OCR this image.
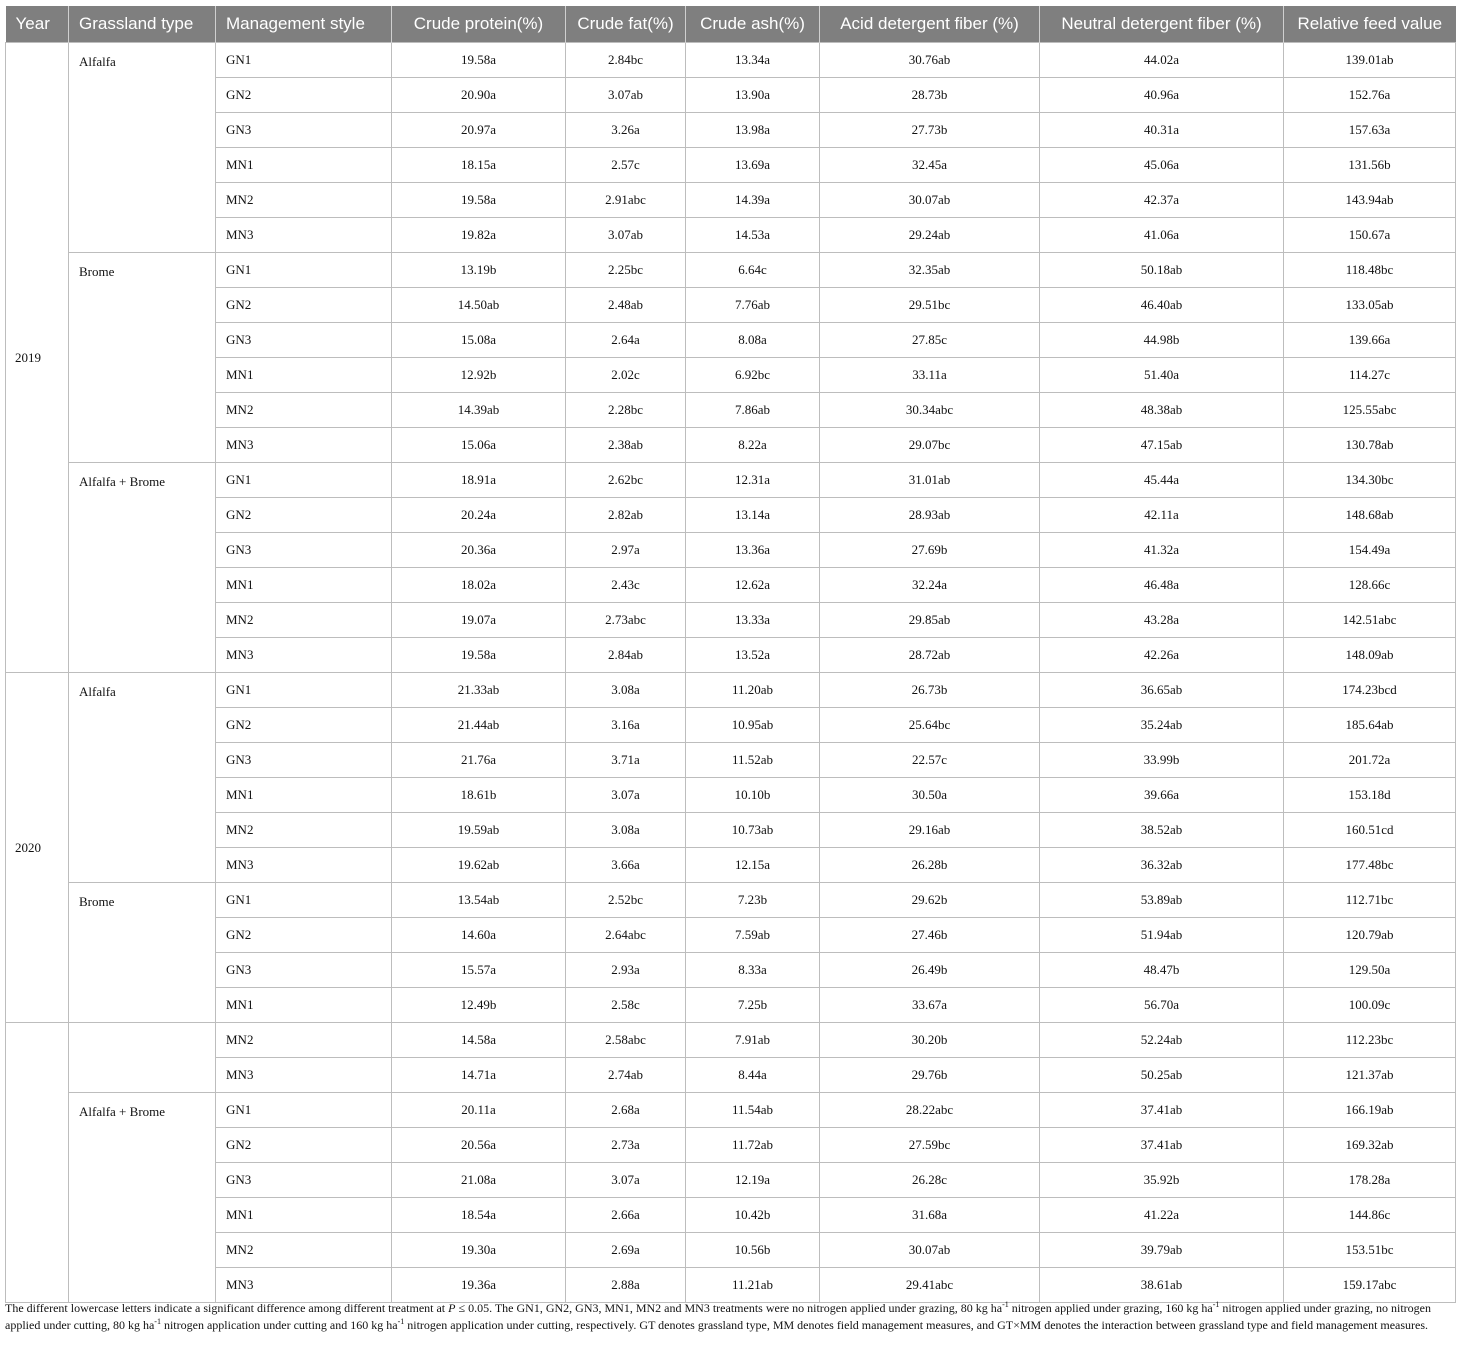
Year	Grassland type	Management style	Crude protein(%)	Crude fat(%)	Crude ash(%)	Acid detergent fiber (%)	Neutral detergent fiber (%)	Relative feed value
2019	Alfalfa	GN1	19.58a	2.84bc	13.34a	30.76ab	44.02a	139.01ab
		GN2	20.90a	3.07ab	13.90a	28.73b	40.96a	152.76a
		GN3	20.97a	3.26a	13.98a	27.73b	40.31a	157.63a
		MN1	18.15a	2.57c	13.69a	32.45a	45.06a	131.56b
		MN2	19.58a	2.91abc	14.39a	30.07ab	42.37a	143.94ab
		MN3	19.82a	3.07ab	14.53a	29.24ab	41.06a	150.67a
	Brome	GN1	13.19b	2.25bc	6.64c	32.35ab	50.18ab	118.48bc
		GN2	14.50ab	2.48ab	7.76ab	29.51bc	46.40ab	133.05ab
		GN3	15.08a	2.64a	8.08a	27.85c	44.98b	139.66a
		MN1	12.92b	2.02c	6.92bc	33.11a	51.40a	114.27c
		MN2	14.39ab	2.28bc	7.86ab	30.34abc	48.38ab	125.55abc
		MN3	15.06a	2.38ab	8.22a	29.07bc	47.15ab	130.78ab
	Alfalfa + Brome	GN1	18.91a	2.62bc	12.31a	31.01ab	45.44a	134.30bc
		GN2	20.24a	2.82ab	13.14a	28.93ab	42.11a	148.68ab
		GN3	20.36a	2.97a	13.36a	27.69b	41.32a	154.49a
		MN1	18.02a	2.43c	12.62a	32.24a	46.48a	128.66c
		MN2	19.07a	2.73abc	13.33a	29.85ab	43.28a	142.51abc
		MN3	19.58a	2.84ab	13.52a	28.72ab	42.26a	148.09ab
2020	Alfalfa	GN1	21.33ab	3.08a	11.20ab	26.73b	36.65ab	174.23bcd
		GN2	21.44ab	3.16a	10.95ab	25.64bc	35.24ab	185.64ab
		GN3	21.76a	3.71a	11.52ab	22.57c	33.99b	201.72a
		MN1	18.61b	3.07a	10.10b	30.50a	39.66a	153.18d
		MN2	19.59ab	3.08a	10.73ab	29.16ab	38.52ab	160.51cd
		MN3	19.62ab	3.66a	12.15a	26.28b	36.32ab	177.48bc
	Brome	GN1	13.54ab	2.52bc	7.23b	29.62b	53.89ab	112.71bc
		GN2	14.60a	2.64abc	7.59ab	27.46b	51.94ab	120.79ab
		GN3	15.57a	2.93a	8.33a	26.49b	48.47b	129.50a
		MN1	12.49b	2.58c	7.25b	33.67a	56.70a	100.09c
		MN2	14.58a	2.58abc	7.91ab	30.20b	52.24ab	112.23bc
		MN3	14.71a	2.74ab	8.44a	29.76b	50.25ab	121.37ab
	Alfalfa + Brome	GN1	20.11a	2.68a	11.54ab	28.22abc	37.41ab	166.19ab
		GN2	20.56a	2.73a	11.72ab	27.59bc	37.41ab	169.32ab
		GN3	21.08a	3.07a	12.19a	26.28c	35.92b	178.28a
		MN1	18.54a	2.66a	10.42b	31.68a	41.22a	144.86c
		MN2	19.30a	2.69a	10.56b	30.07ab	39.79ab	153.51bc
		MN3	19.36a	2.88a	11.21ab	29.41abc	38.61ab	159.17abc

The different lowercase letters indicate a significant difference among different treatment at P ≤ 0.05. The GN1, GN2, GN3, MN1, MN2 and MN3 treatments were no nitrogen applied under grazing, 80 kg $ha^{-1}$ nitrogen applied under grazing, 160 kg $ha^{-1}$ nitrogen applied under grazing, no nitrogen applied under cutting, 80 kg $ha^{-1}$ nitrogen application under cutting and 160 kg $ha^{-1}$ nitrogen application under cutting, respectively. GT denotes grassland type, MM denotes field management measures, and GT×MM denotes the interaction between grassland type and field management measures.
